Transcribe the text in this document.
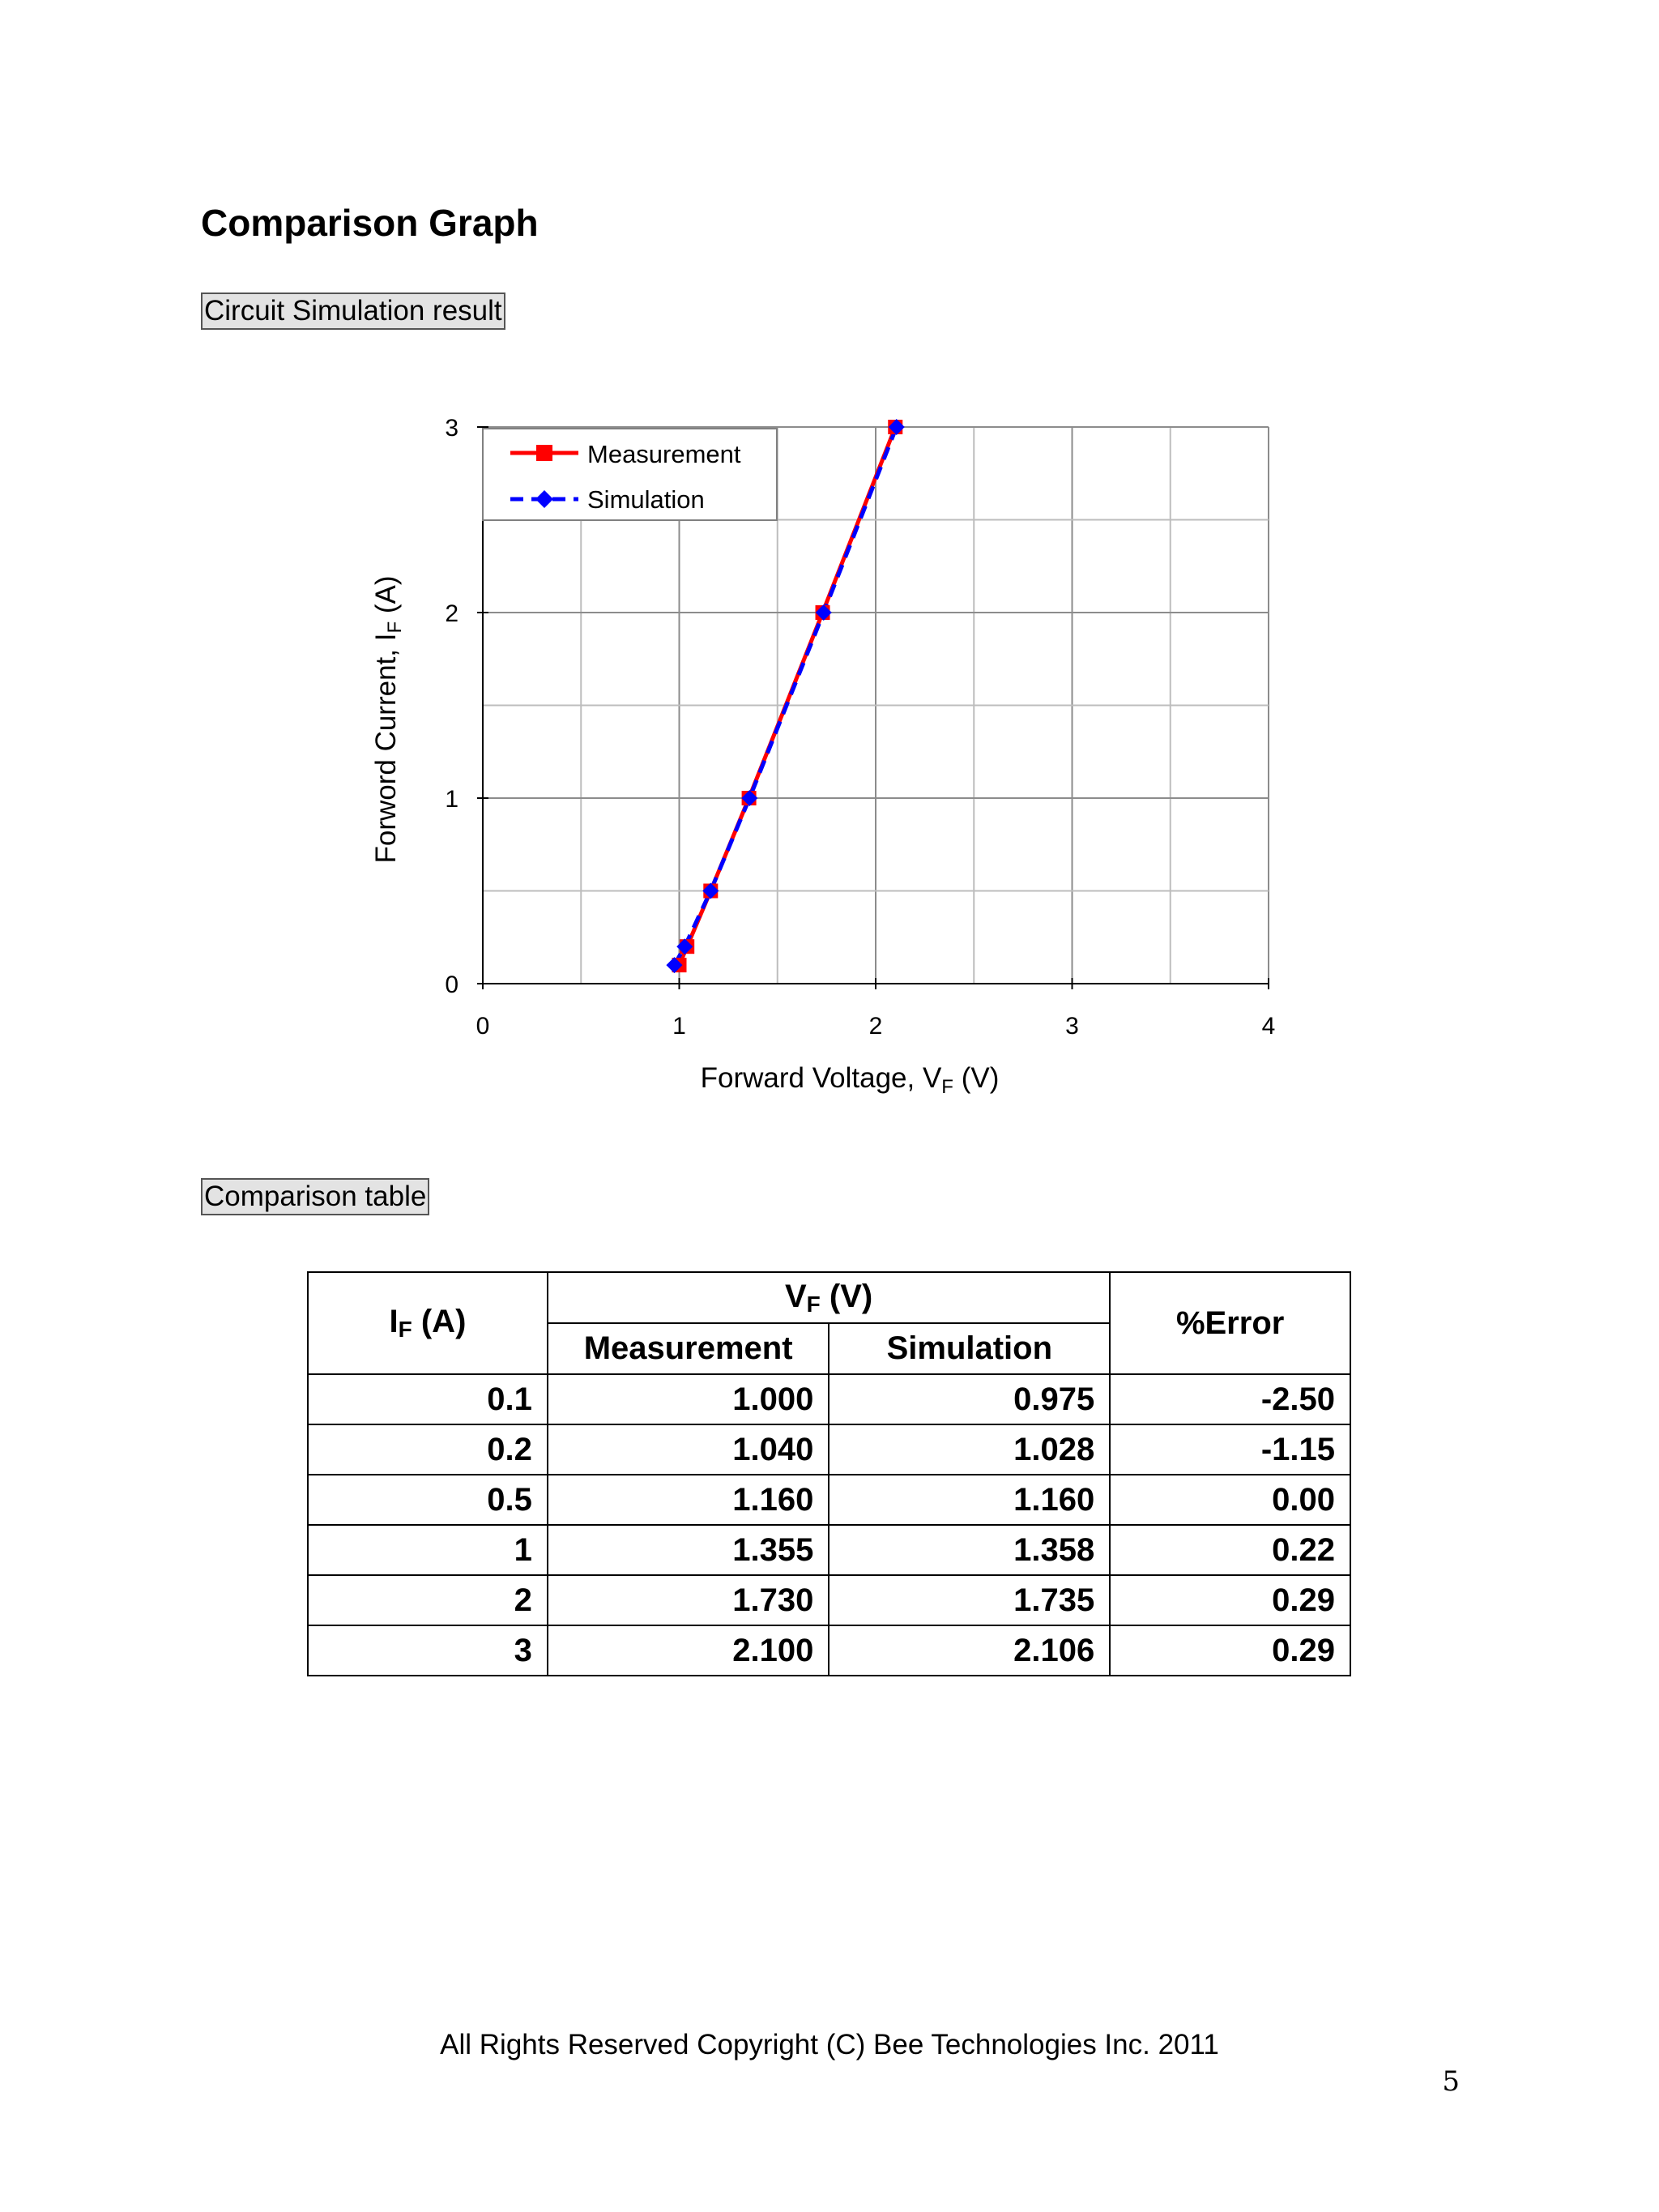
Comparison Graph
Circuit Simulation result
0	1	2	3	4
0
1
2
3
Measurement
Simulation
Forward Voltage, $V_F$ (V)
Forword Current, $I_F$ (A)
Comparison table
$I_F$ (A)	$V_F$ (V)		%Error
	Measurement	Simulation	
0.1	1.000	0.975	-2.50
0.2	1.040	1.028	-1.15
0.5	1.160	1.160	0.00
1	1.355	1.358	0.22
2	1.730	1.735	0.29
3	2.100	2.106	0.29
All Rights Reserved Copyright (C) Bee Technologies Inc. 2011
5
